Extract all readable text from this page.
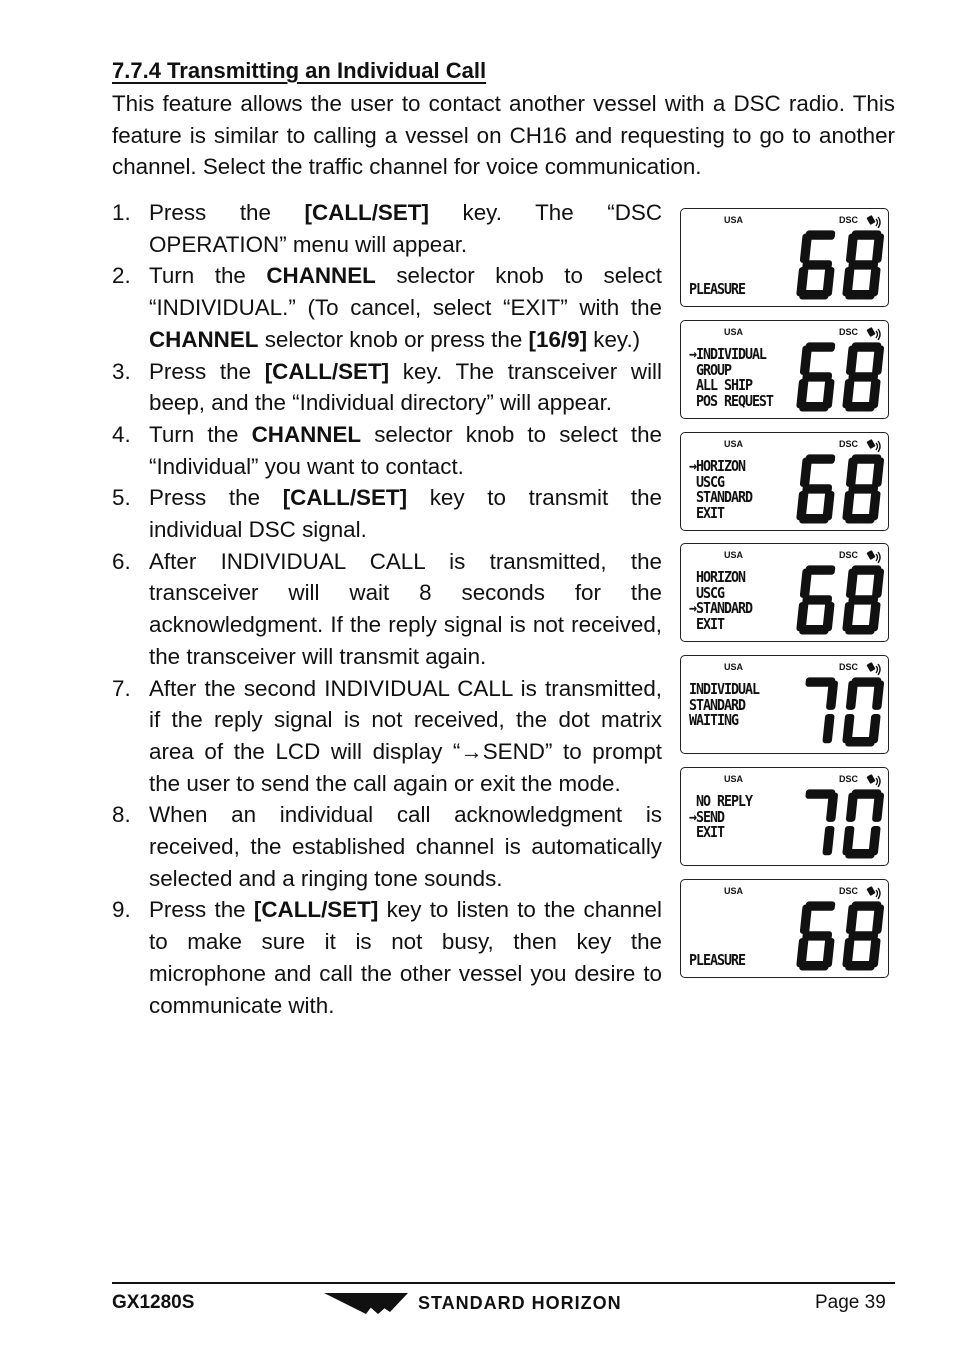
7.7.4 Transmitting an Individual Call

This feature allows the user to contact another vessel with a DSC radio. This feature is similar to calling a vessel on CH16 and requesting to go to another channel. Select the traffic channel for voice communication.

1. Press the [CALL/SET] key. The “DSC OPERATION” menu will appear.
2. Turn the CHANNEL selector knob to select “INDIVIDUAL.” (To cancel, select “EXIT” with the CHANNEL selector knob or press the [16/9] key.)
3. Press the [CALL/SET] key. The transceiver will beep, and the “Individual directory” will appear.
4. Turn the CHANNEL selector knob to select the “Individual” you want to contact.
5. Press the [CALL/SET] key to transmit the individual DSC signal.
6. After INDIVIDUAL CALL is transmitted, the transceiver will wait 8 seconds for the acknowledgment. If the reply signal is not received, the transceiver will transmit again.
7. After the second INDIVIDUAL CALL is transmitted, if the reply signal is not received, the dot matrix area of the LCD will display “→SEND” to prompt the user to send the call again or exit the mode.
8. When an individual call acknowledgment is received, the established channel is automatically selected and a ringing tone sounds.
9. Press the [CALL/SET] key to listen to the channel to make sure it is not busy, then key the microphone and call the other vessel you desire to communicate with.
USA	DSC
PLEASURE
USA	DSC
→INDIVIDUAL
GROUP
ALL SHIP
POS REQUEST
USA	DSC
→HORIZON
USCG
STANDARD
EXIT
USA	DSC
HORIZON
USCG
→STANDARD
EXIT
USA	DSC
INDIVIDUAL
STANDARD
WAITING
USA	DSC
NO REPLY
→SEND
EXIT
USA	DSC
PLEASURE
GX1280S	STANDARD HORIZON	Page 39
